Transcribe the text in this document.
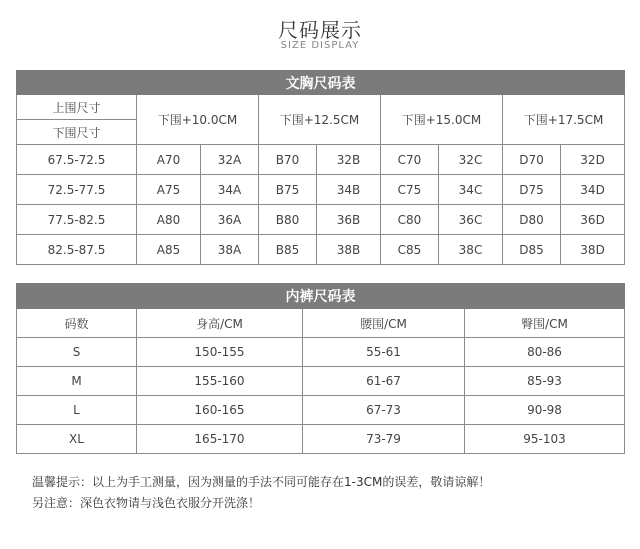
尺码展示
SIZE DISPLAY
文胸尺码表								
上围尺寸	下围+10.0CM		下围+12.5CM		下围+15.0CM		下围+17.5CM	
下围尺寸								
67.5-72.5	A70	32A	B70	32B	C70	32C	D70	32D
72.5-77.5	A75	34A	B75	34B	C75	34C	D75	34D
77.5-82.5	A80	36A	B80	36B	C80	36C	D80	36D
82.5-87.5	A85	38A	B85	38B	C85	38C	D85	38D
内裤尺码表			
码数	身高/CM	腰围/CM	臀围/CM
S	150-155	55-61	80-86
M	155-160	61-67	85-93
L	160-165	67-73	90-98
XL	165-170	73-79	95-103
温馨提示：以上为手工测量，因为测量的手法不同可能存在1-3CM的误差，敬请谅解！
另注意：深色衣物请与浅色衣服分开洗涤！
